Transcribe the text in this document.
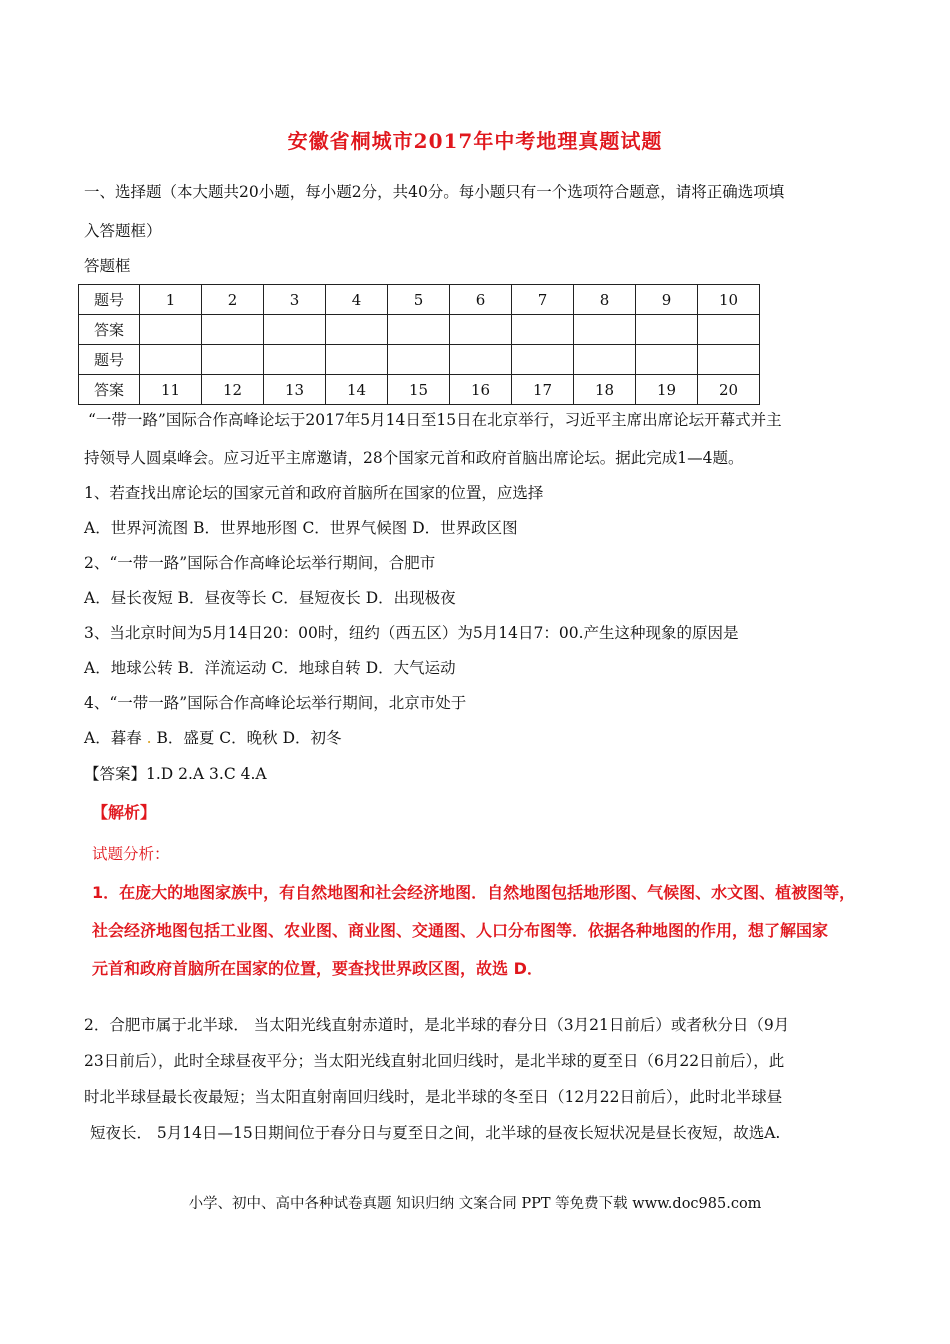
安徽省桐城市2017年中考地理真题试题
一、选择题（本大题共20小题，每小题2分，共40分。每小题只有一个选项符合题意，请将正确选项填
入答题框）
答题框
题号	1	2	3	4	5	6	7	8	9	10
答案										
题号										
答案	11	12	13	14	15	16	17	18	19	20
“一带一路”国际合作高峰论坛于2017年5月14日至15日在北京举行，习近平主席出席论坛开幕式并主
持领导人圆桌峰会。应习近平主席邀请，28个国家元首和政府首脑出席论坛。据此完成1—4题。
1、若查找出席论坛的国家元首和政府首脑所在国家的位置，应选择
A．世界河流图 B．世界地形图 C．世界气候图 D．世界政区图
2、“一带一路”国际合作高峰论坛举行期间，合肥市
A．昼长夜短 B．昼夜等长 C．昼短夜长 D．出现极夜
3、当北京时间为5月14日20：00时，纽约（西五区）为5月14日7：00.产生这种现象的原因是
A．地球公转 B．洋流运动 C．地球自转 D．大气运动
4、“一带一路”国际合作高峰论坛举行期间，北京市处于
A．暮春 . B．盛夏 C．晚秋 D．初冬
【答案】1.D 2.A 3.C 4.A
【解析】
试题分析：
1．在庞大的地图家族中，有自然地图和社会经济地图．自然地图包括地形图、气候图、水文图、植被图等，
社会经济地图包括工业图、农业图、商业图、交通图、人口分布图等．依据各种地图的作用，想了解国家
元首和政府首脑所在国家的位置，要查找世界政区图，故选 D．
2．合肥市属于北半球． 当太阳光线直射赤道时，是北半球的春分日（3月21日前后）或者秋分日（9月
23日前后），此时全球昼夜平分；当太阳光线直射北回归线时，是北半球的夏至日（6月22日前后），此
时北半球昼最长夜最短；当太阳直射南回归线时，是北半球的冬至日（12月22日前后），此时北半球昼
短夜长． 5月14日—15日期间位于春分日与夏至日之间，北半球的昼夜长短状况是昼长夜短，故选A.
小学、初中、高中各种试卷真题 知识归纳 文案合同 PPT 等免费下载 www.doc985.com
